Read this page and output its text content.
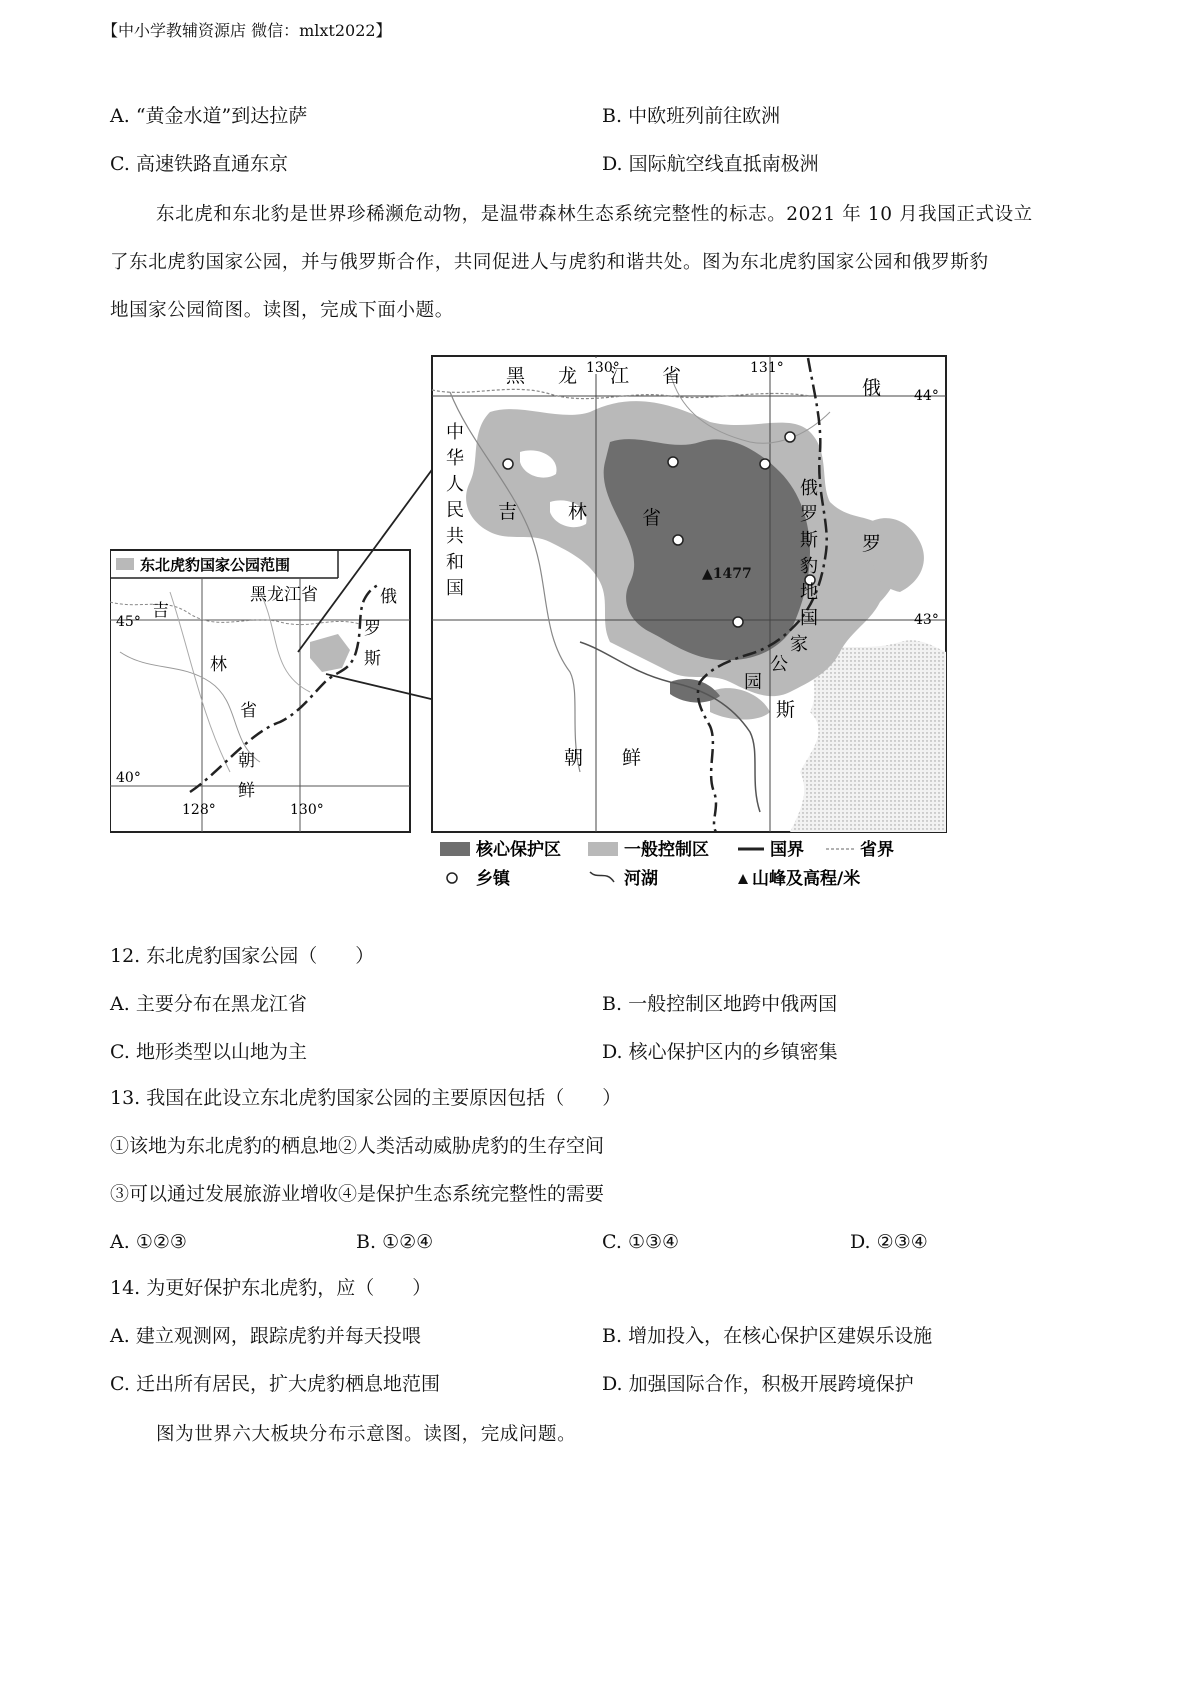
【中小学教辅资源店 微信：mlxt2022】
A. “黄金水道”到达拉萨	B. 中欧班列前往欧洲
C. 高速铁路直通东京	D. 国际航空线直抵南极洲
东北虎和东北豹是世界珍稀濒危动物，是温带森林生态系统完整性的标志。2021 年 10 月我国正式设立
了东北虎豹国家公园，并与俄罗斯合作，共同促进人与虎豹和谐共处。图为东北虎豹国家公园和俄罗斯豹
地国家公园简图。读图，完成下面小题。
东北虎豹国家公园范围
黑龙江省
吉
林
省
朝
鲜
俄
罗
斯
45°
40°
128°	130°
▲1477
130°	131°
44°
43°
黑 龙 江 省
中
华
人
民
共
和
国
吉	林	省
俄
罗
斯
豹
地
国
家
公
园
俄
罗
斯
朝 鲜
核心保护区	一般控制区	国界	省界
乡镇	河湖	山峰及高程/米
12. 东北虎豹国家公园（　　）
A. 主要分布在黑龙江省	B. 一般控制区地跨中俄两国
C. 地形类型以山地为主	D. 核心保护区内的乡镇密集
13. 我国在此设立东北虎豹国家公园的主要原因包括（　　）
①该地为东北虎豹的栖息地②人类活动威胁虎豹的生存空间
③可以通过发展旅游业增收④是保护生态系统完整性的需要
A. ①②③	B. ①②④	C. ①③④	D. ②③④
14. 为更好保护东北虎豹，应（　　）
A. 建立观测网，跟踪虎豹并每天投喂	B. 增加投入，在核心保护区建娱乐设施
C. 迁出所有居民，扩大虎豹栖息地范围	D. 加强国际合作，积极开展跨境保护
图为世界六大板块分布示意图。读图，完成问题。
